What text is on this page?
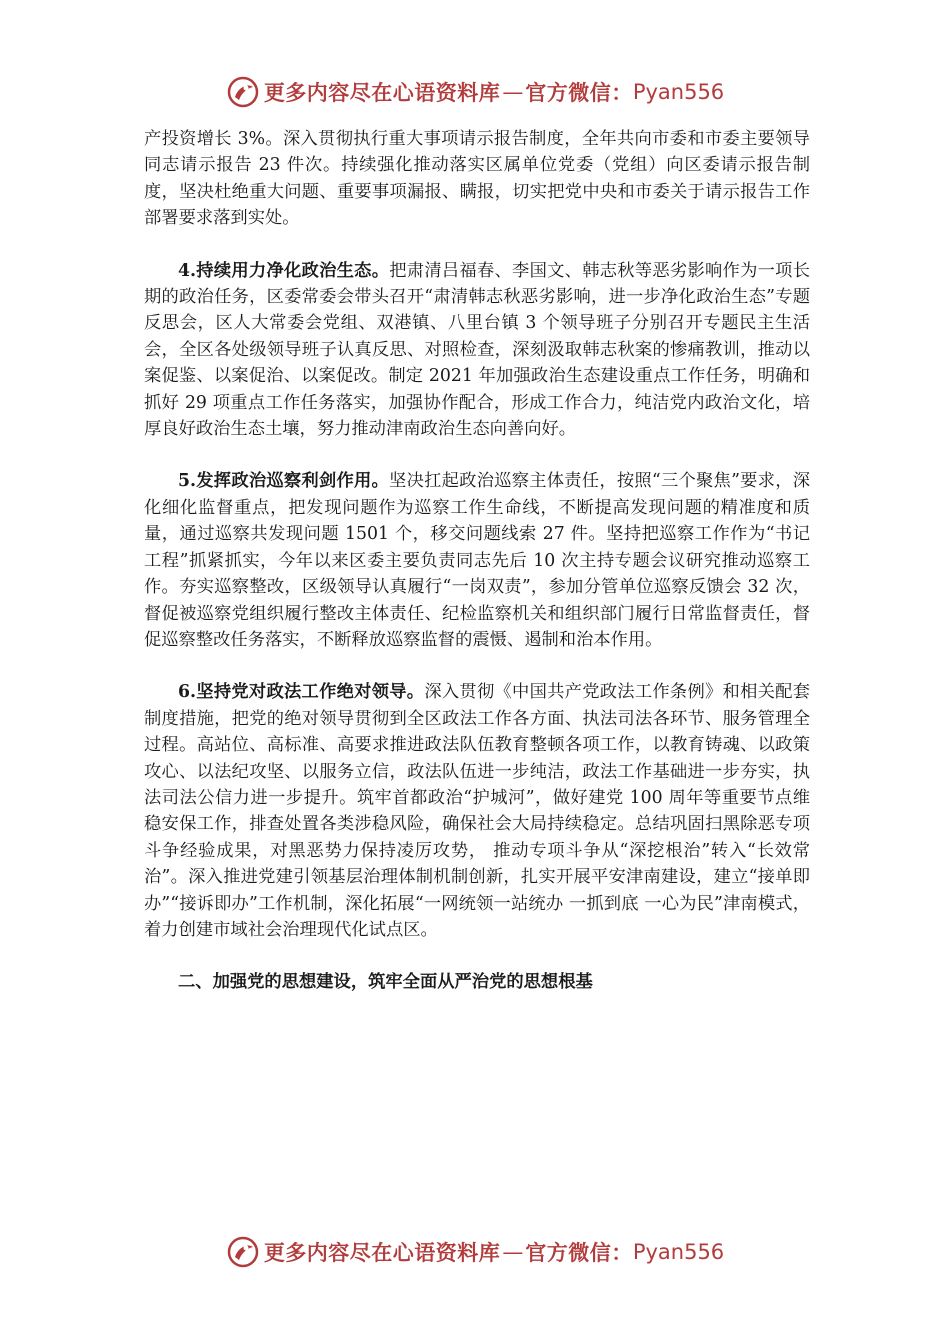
更多内容尽在心语资料库 — 官方微信： Pyan556

产投资增长 3%。深入贯彻执行重大事项请示报告制度，全年共向市委和市委主要领导同志请示报告 23 件次。持续强化推动落实区属单位党委（党组）向区委请示报告制度，坚决杜绝重大问题、重要事项漏报、瞒报，切实把党中央和市委关于请示报告工作部署要求落到实处。

4.持续用力净化政治生态。把肃清吕福春、李国文、韩志秋等恶劣影响作为一项长期的政治任务，区委常委会带头召开“肃清韩志秋恶劣影响，进一步净化政治生态”专题反思会，区人大常委会党组、双港镇、八里台镇 3 个领导班子分别召开专题民主生活会，全区各处级领导班子认真反思、对照检查，深刻汲取韩志秋案的惨痛教训，推动以案促鉴、以案促治、以案促改。制定 2021 年加强政治生态建设重点工作任务，明确和抓好 29 项重点工作任务落实，加强协作配合，形成工作合力，纯洁党内政治文化，培厚良好政治生态土壤，努力推动津南政治生态向善向好。

5.发挥政治巡察利剑作用。坚决扛起政治巡察主体责任，按照“三个聚焦”要求，深化细化监督重点，把发现问题作为巡察工作生命线，不断提高发现问题的精准度和质量，通过巡察共发现问题 1501 个，移交问题线索 27 件。坚持把巡察工作作为“书记工程”抓紧抓实，今年以来区委主要负责同志先后 10 次主持专题会议研究推动巡察工作。夯实巡察整改，区级领导认真履行“一岗双责”，参加分管单位巡察反馈会 32 次，督促被巡察党组织履行整改主体责任、纪检监察机关和组织部门履行日常监督责任，督促巡察整改任务落实，不断释放巡察监督的震慑、遏制和治本作用。

6.坚持党对政法工作绝对领导。深入贯彻《中国共产党政法工作条例》和相关配套制度措施，把党的绝对领导贯彻到全区政法工作各方面、执法司法各环节、服务管理全过程。高站位、高标准、高要求推进政法队伍教育整顿各项工作，以教育铸魂、以政策攻心、以法纪攻坚、以服务立信，政法队伍进一步纯洁，政法工作基础进一步夯实，执法司法公信力进一步提升。筑牢首都政治“护城河”，做好建党 100 周年等重要节点维稳安保工作，排查处置各类涉稳风险，确保社会大局持续稳定。总结巩固扫黑除恶专项斗争经验成果，对黑恶势力保持凌厉攻势， 推动专项斗争从“深挖根治”转入“长效常治”。深入推进党建引领基层治理体制机制创新，扎实开展平安津南建设，建立“接单即办”“接诉即办”工作机制，深化拓展“一网统领一站统办 一抓到底 一心为民”津南模式，着力创建市域社会治理现代化试点区。

二、加强党的思想建设，筑牢全面从严治党的思想根基
更多内容尽在心语资料库 — 官方微信： Pyan556
